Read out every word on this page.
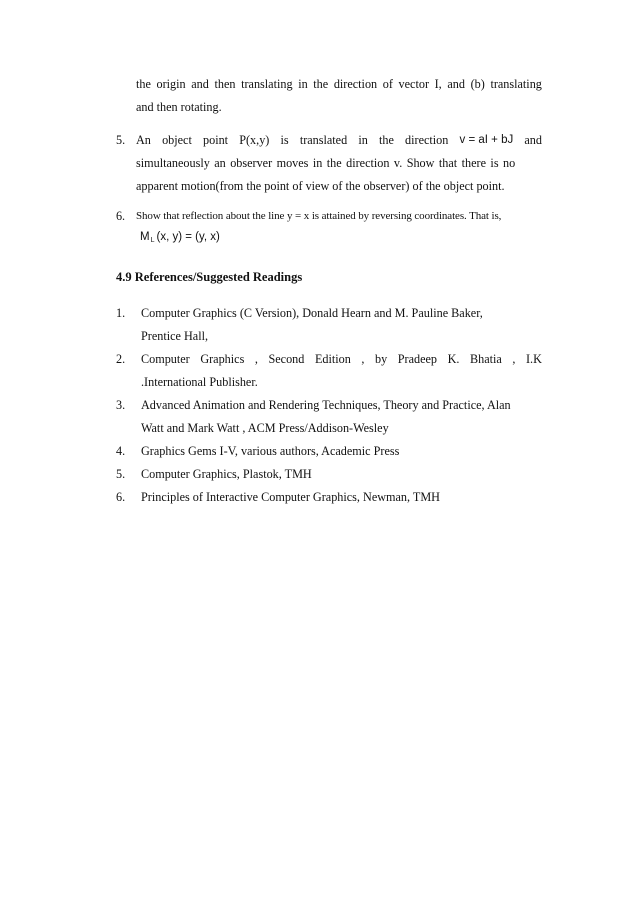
the origin and then translating in the direction of vector I, and (b) translating
and then rotating.
5. An object point P(x,y) is translated in the direction v = aI + bJ and
simultaneously an observer moves in the direction v. Show that there is no
apparent motion(from the point of view of the observer) of the object point.
6. Show that reflection about the line y = x is attained by reversing coordinates. That is,
$M_L$ (x, y) = (y, x)
4.9 References/Suggested Readings
1. Computer Graphics (C Version), Donald Hearn and M. Pauline Baker,
Prentice Hall,
2. Computer Graphics , Second Edition , by Pradeep K. Bhatia , I.K
.International Publisher.
3. Advanced Animation and Rendering Techniques, Theory and Practice, Alan
Watt and Mark Watt , ACM Press/Addison-Wesley
4. Graphics Gems I-V, various authors, Academic Press
5. Computer Graphics, Plastok, TMH
6. Principles of Interactive Computer Graphics, Newman, TMH
